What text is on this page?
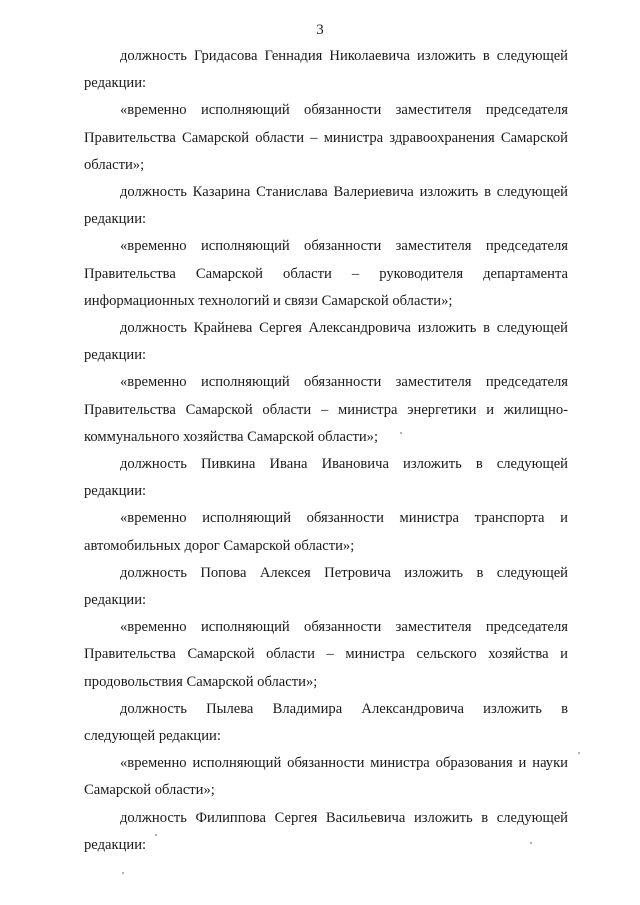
3
должность Гридасова Геннадия Николаевича изложить в следующей
редакции:
«временно исполняющий обязанности заместителя председателя
Правительства Самарской области – министра здравоохранения Самарской
области»;
должность Казарина Станислава Валериевича изложить в следующей
редакции:
«временно исполняющий обязанности заместителя председателя
Правительства Самарской области – руководителя департамента
информационных технологий и связи Самарской области»;
должность Крайнева Сергея Александровича изложить в следующей
редакции:
«временно исполняющий обязанности заместителя председателя
Правительства Самарской области – министра энергетики и жилищно-
коммунального хозяйства Самарской области»;
должность Пивкина Ивана Ивановича изложить в следующей
редакции:
«временно исполняющий обязанности министра транспорта и
автомобильных дорог Самарской области»;
должность Попова Алексея Петровича изложить в следующей
редакции:
«временно исполняющий обязанности заместителя председателя
Правительства Самарской области – министра сельского хозяйства и
продовольствия Самарской области»;
должность Пылева Владимира Александровича изложить в
следующей редакции:
«временно исполняющий обязанности министра образования и науки
Самарской области»;
должность Филиппова Сергея Васильевича изложить в следующей
редакции:
